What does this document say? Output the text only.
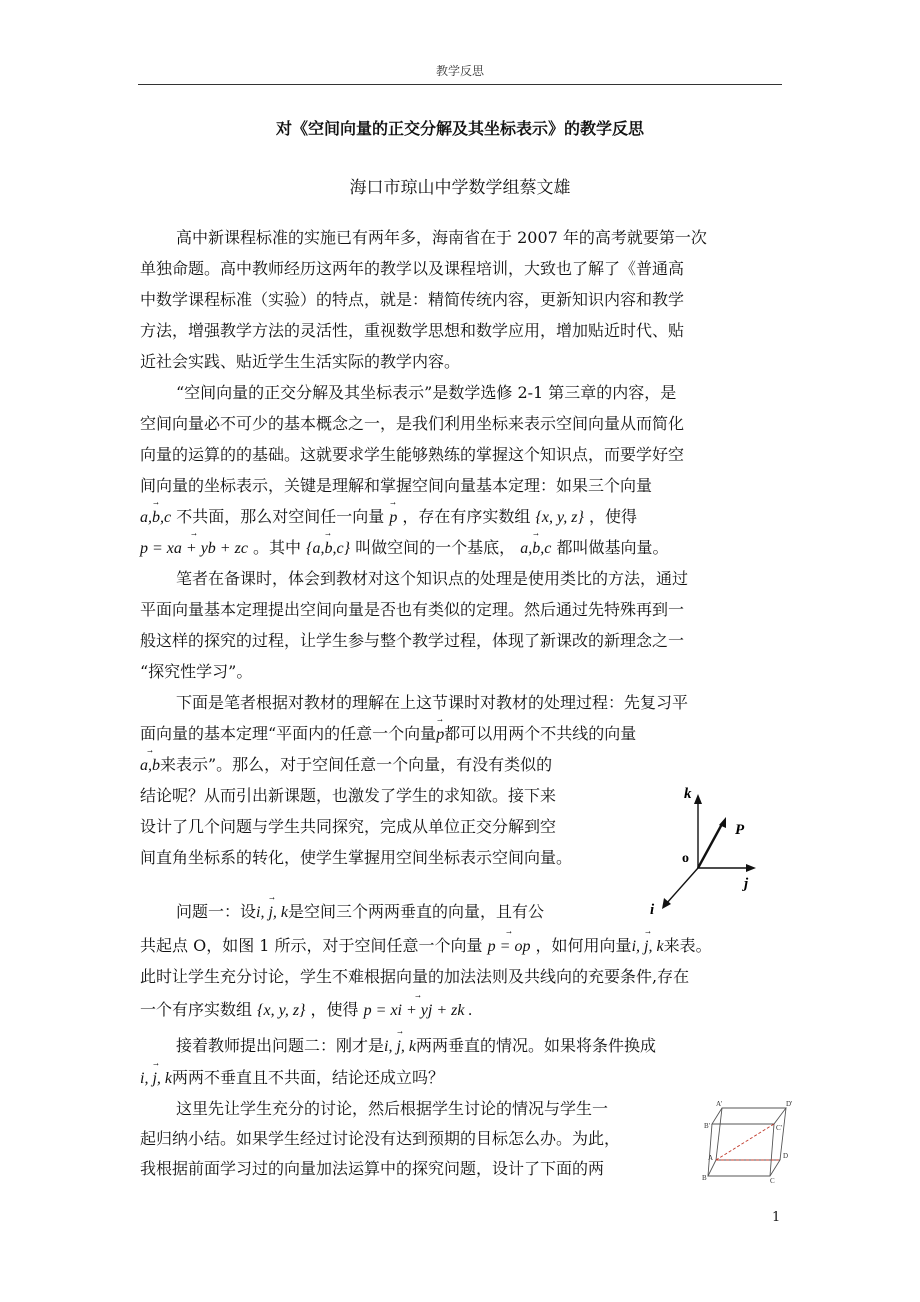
教学反思
对《空间向量的正交分解及其坐标表示》的教学反思
海口市琼山中学数学组蔡文雄
高中新课程标准的实施已有两年多，海南省在于 2007 年的高考就要第一次
单独命题。高中教师经历这两年的教学以及课程培训，大致也了解了《普通高
中数学课程标准（实验）的特点，就是：精简传统内容，更新知识内容和教学
方法，增强教学方法的灵活性，重视数学思想和数学应用，增加贴近时代、贴
近社会实践、贴近学生生活实际的教学内容。
“空间向量的正交分解及其坐标表示”是数学选修 2-1 第三章的内容，是
空间向量必不可少的基本概念之一，是我们利用坐标来表示空间向量从而简化
向量的运算的的基础。这就要求学生能够熟练的掌握这个知识点，而要学好空
间向量的坐标表示，关键是理解和掌握空间向量基本定理：如果三个向量
→ a,b,c 不共面，那么对空间任一向量 → p ，存在有序实数组 {x, y, z} ，使得
→ p = xa + yb + zc 。其中 → {a,b,c} 叫做空间的一个基底， → a,b,c 都叫做基向量。
笔者在备课时，体会到教材对这个知识点的处理是使用类比的方法，通过
平面向量基本定理提出空间向量是否也有类似的定理。然后通过先特殊再到一
般这样的探究的过程，让学生参与整个教学过程，体现了新课改的新理念之一
“探究性学习”。
下面是笔者根据对教材的理解在上这节课时对教材的处理过程：先复习平
面向量的基本定理“平面内的任意一个向量→ p都可以用两个不共线的向量
→ a,b来表示”。那么，对于空间任意一个向量，有没有类似的
结论呢？从而引出新课题，也激发了学生的求知欲。接下来
设计了几个问题与学生共同探究，完成从单位正交分解到空
间直角坐标系的转化，使学生掌握用空间坐标表示空间向量。
k
P
o
j
i
问题一：设→ i, j, k是空间三个两两垂直的向量，且有公
共起点 O，如图 1 所示，对于空间任意一个向量 → p = op ，如何用向量→ i, j, k来表。
此时让学生充分讨论，学生不难根据向量的加法法则及共线向的充要条件,存在
一个有序实数组 {x, y, z} ，使得 → p = xi + yj + zk .
接着教师提出问题二：刚才是→ i, j, k两两垂直的情况。如果将条件换成
→ i, j, k两两不垂直且不共面，结论还成立吗？
这里先让学生充分的讨论，然后根据学生讨论的情况与学生一
起归纳小结。如果学生经过讨论没有达到预期的目标怎么办。为此，
我根据前面学习过的向量加法运算中的探究问题，设计了下面的两
A'	D'
B'	C'
A	D
B	C
1
